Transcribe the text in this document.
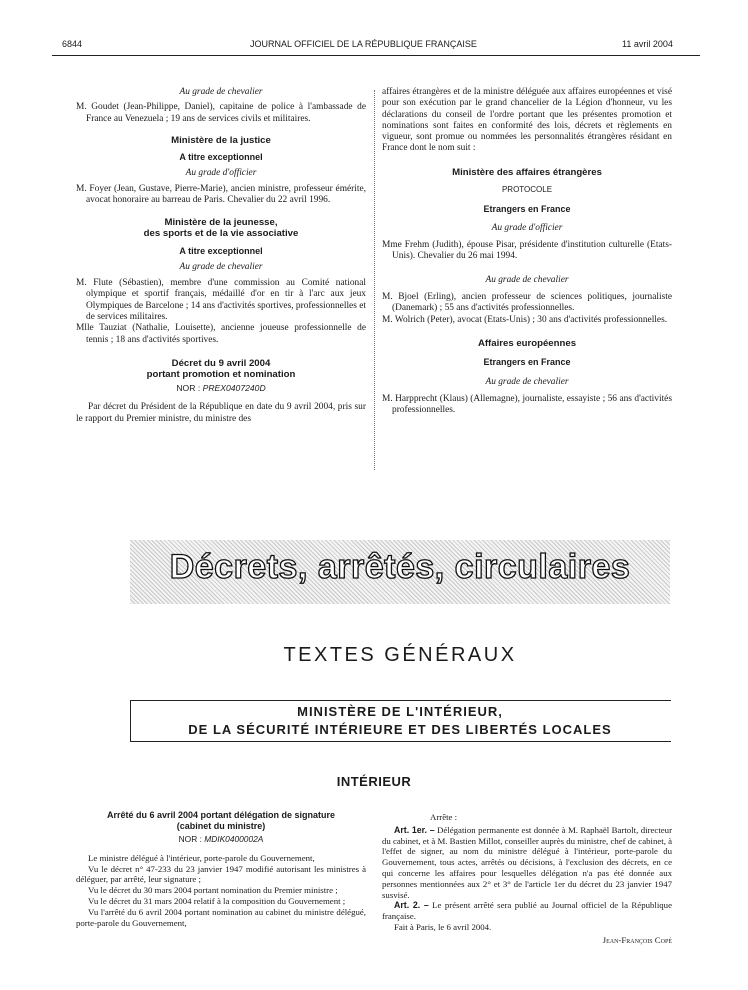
6844	JOURNAL OFFICIEL DE LA RÉPUBLIQUE FRANÇAISE	11 avril 2004

Au grade de chevalier

M. Goudet (Jean-Philippe, Daniel), capitaine de police à l'ambassade de France au Venezuela ; 19 ans de services civils et militaires.

Ministère de la justice

A titre exceptionnel

Au grade d'officier

M. Foyer (Jean, Gustave, Pierre-Marie), ancien ministre, professeur émérite, avocat honoraire au barreau de Paris. Chevalier du 22 avril 1996.

Ministère de la jeunesse,

des sports et de la vie associative

A titre exceptionnel

Au grade de chevalier

M. Flute (Sébastien), membre d'une commission au Comité national olympique et sportif français, médaillé d'or en tir à l'arc aux jeux Olympiques de Barcelone ; 14 ans d'activités sportives, professionnelles et de services militaires.

Mlle Tauziat (Nathalie, Louisette), ancienne joueuse professionnelle de tennis ; 18 ans d'activités sportives.

Décret du 9 avril 2004

portant promotion et nomination

NOR : PREX0407240D

Par décret du Président de la République en date du 9 avril 2004, pris sur le rapport du Premier ministre, du ministre des

affaires étrangères et de la ministre déléguée aux affaires européennes et visé pour son exécution par le grand chancelier de la Légion d'honneur, vu les déclarations du conseil de l'ordre portant que les présentes promotion et nominations sont faites en conformité des lois, décrets et règlements en vigueur, sont promue ou nommées les personnalités étrangères résidant en France dont le nom suit :

Ministère des affaires étrangères

PROTOCOLE

Etrangers en France

Au grade d'officier

Mme Frehm (Judith), épouse Pisar, présidente d'institution culturelle (Etats-Unis). Chevalier du 26 mai 1994.

Au grade de chevalier

M. Bjoel (Erling), ancien professeur de sciences politiques, journaliste (Danemark) ; 55 ans d'activités professionnelles.

M. Wolrich (Peter), avocat (Etats-Unis) ; 30 ans d'activités professionnelles.

Affaires européennes

Etrangers en France

Au grade de chevalier

M. Harpprecht (Klaus) (Allemagne), journaliste, essayiste ; 56 ans d'activités professionnelles.

Décrets, arrêtés, circulaires
TEXTES GÉNÉRAUX
MINISTÈRE DE L'INTÉRIEUR,
DE LA SÉCURITÉ INTÉRIEURE ET DES LIBERTÉS LOCALES
INTÉRIEUR

Arrêté du 6 avril 2004 portant délégation de signature

(cabinet du ministre)

NOR : MDIK0400002A

Le ministre délégué à l'intérieur, porte-parole du Gouvernement,

Vu le décret n° 47-233 du 23 janvier 1947 modifié autorisant les ministres à déléguer, par arrêté, leur signature ;

Vu le décret du 30 mars 2004 portant nomination du Premier ministre ;

Vu le décret du 31 mars 2004 relatif à la composition du Gouvernement ;

Vu l'arrêté du 6 avril 2004 portant nomination au cabinet du ministre délégué, porte-parole du Gouvernement,

Arrête :

Art. 1er. – Délégation permanente est donnée à M. Raphaël Bartolt, directeur du cabinet, et à M. Bastien Millot, conseiller auprès du ministre, chef de cabinet, à l'effet de signer, au nom du ministre délégué à l'intérieur, porte-parole du Gouvernement, tous actes, arrêtés ou décisions, à l'exclusion des décrets, en ce qui concerne les affaires pour lesquelles délégation n'a pas été donnée aux personnes mentionnées aux 2° et 3° de l'article 1er du décret du 23 janvier 1947 susvisé.

Art. 2. – Le présent arrêté sera publié au Journal officiel de la République française.

Fait à Paris, le 6 avril 2004.

Jean-François Copé
